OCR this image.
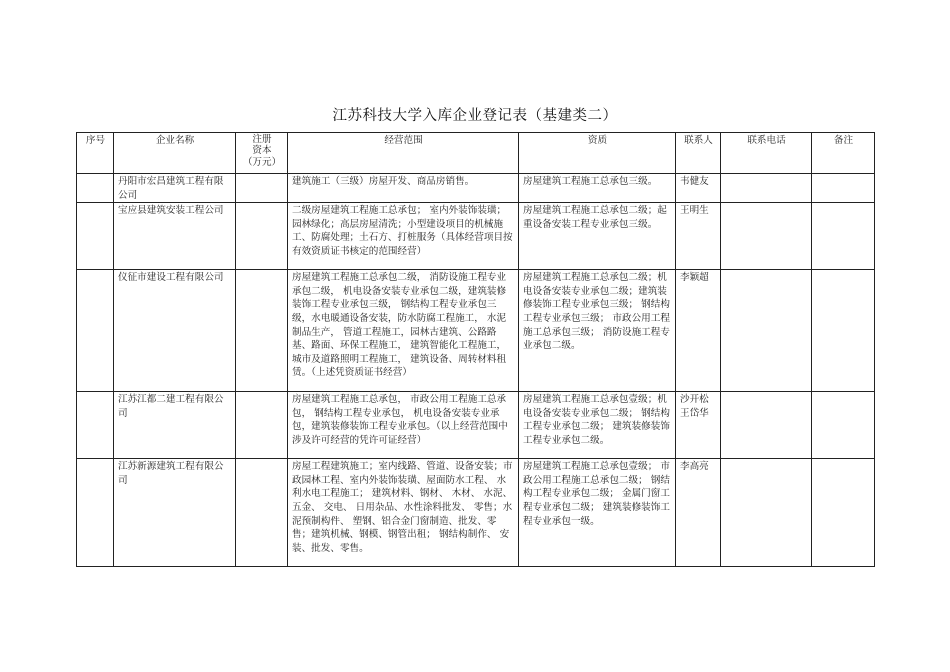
江苏科技大学入库企业登记表（基建类二）
序号	企业名称	注册
资本
（万元）	经营范围	资质	联系人	联系电话	备注
	丹阳市宏昌建筑工程有限公司		建筑施工（三级）房屋开发、商品房销售。	房屋建筑工程施工总承包三级。	韦健友		
	宝应县建筑安装工程公司		二级房屋建筑工程施工总承包； 室内外装饰装璜；园林绿化；高层房屋清洗；小型建设项目的机械施工、防腐处理；土石方、打桩服务（具体经营项目按有效资质证书核定的范围经营）	房屋建筑工程施工总承包二级；起重设备安装工程专业承包三级。	王明生		
	仪征市建设工程有限公司		房屋建筑工程施工总承包二级， 消防设施工程专业承包二级， 机电设备安装专业承包二级，建筑装修装饰工程专业承包三级， 钢结构工程专业承包三级，水电暖通设备安装，防水防腐工程施工， 水泥制品生产， 管道工程施工，园林古建筑、公路路基、路面、环保工程施工， 建筑智能化工程施工， 城市及道路照明工程施工， 建筑设备、周转材料租赁。（上述凭资质证书经营）	房屋建筑工程施工总承包二级；机电设备安装专业承包二级；建筑装修装饰工程专业承包三级； 钢结构工程专业承包三级； 市政公用工程施工总承包三级； 消防设施工程专业承包二级。	李颖超		
	江苏江都二建工程有限公司		房屋建筑工程施工总承包， 市政公用工程施工总承包， 钢结构工程专业承包， 机电设备安装专业承包，建筑装修装饰工程专业承包。（以上经营范围中涉及许可经营的凭许可证经营）	房屋建筑工程施工总承包壹级；机电设备安装专业承包二级； 钢结构工程专业承包二级； 建筑装修装饰工程专业承包二级。	沙开松
王岱华		
	江苏新源建筑工程有限公司		房屋工程建筑施工；室内线路、管道、设备安装；市政园林工程、室内外装饰装璜、屋面防水工程、 水利水电工程施工； 建筑材料、钢材、 木材、 水泥、 五金、 交电、 日用杂品、水性涂料批发、 零售；水泥预制构件、 塑钢、铝合金门窗制造、批发、零售；建筑机械、钢模、钢管出租； 钢结构制作、 安装、批发、零售。	房屋建筑工程施工总承包壹级； 市政公用工程施工总承包二级； 钢结构工程专业承包二级； 金属门窗工程专业承包二级； 建筑装修装饰工程专业承包一级。	李高亮		
